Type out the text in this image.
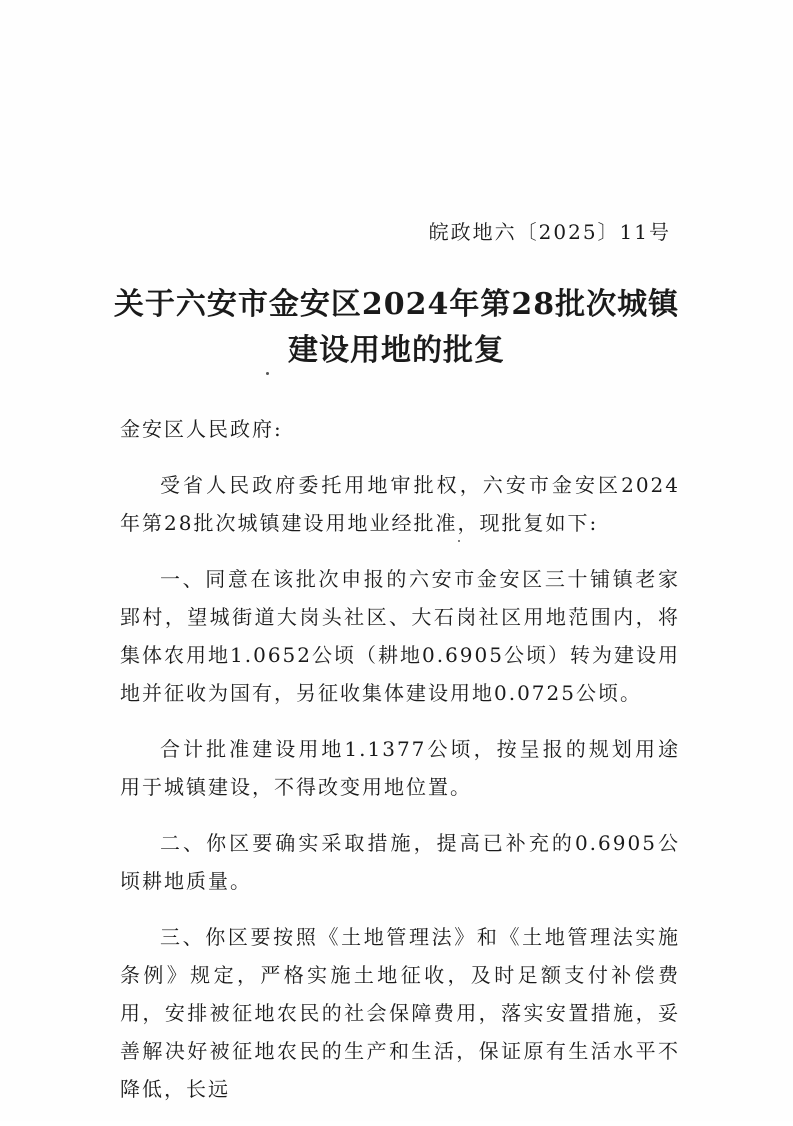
皖政地六〔2025〕11号
关于六安市金安区2024年第28批次城镇
建设用地的批复
金安区人民政府:

受省人民政府委托用地审批权，六安市金安区2024年第28批次城镇建设用地业经批准，现批复如下:

一、同意在该批次申报的六安市金安区三十铺镇老家郢村，望城街道大岗头社区、大石岗社区用地范围内，将集体农用地1.0652公顷（耕地0.6905公顷）转为建设用地并征收为国有，另征收集体建设用地0.0725公顷。

合计批准建设用地1.1377公顷，按呈报的规划用途用于城镇建设，不得改变用地位置。

二、你区要确实采取措施，提高已补充的0.6905公顷耕地质量。

三、你区要按照《土地管理法》和《土地管理法实施条例》规定，严格实施土地征收，及时足额支付补偿费用，安排被征地农民的社会保障费用，落实安置措施，妥善解决好被征地农民的生产和生活，保证原有生活水平不降低，长远
